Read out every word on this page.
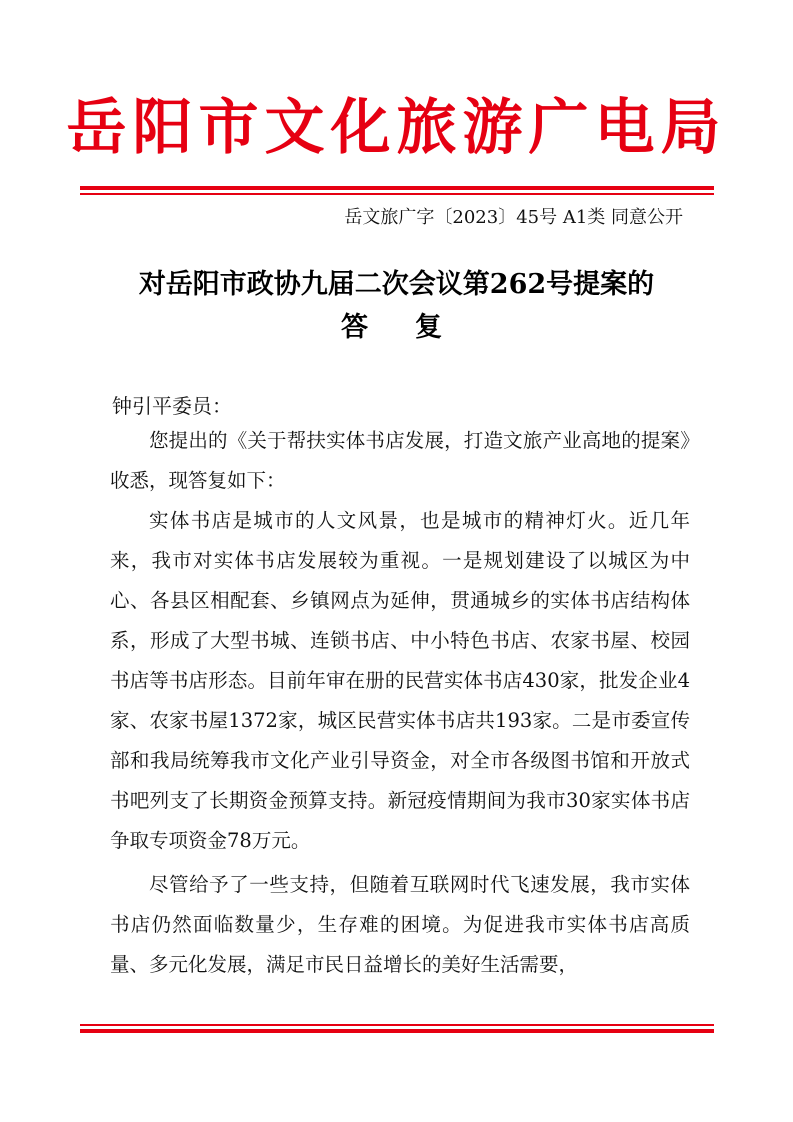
岳阳市文化旅游广电局
岳文旅广字〔2023〕45号 A1类 同意公开
对岳阳市政协九届二次会议第262号提案的
答　复
钟引平委员：

您提出的《关于帮扶实体书店发展，打造文旅产业高地的提案》收悉，现答复如下：

实体书店是城市的人文风景，也是城市的精神灯火。近几年来，我市对实体书店发展较为重视。一是规划建设了以城区为中心、各县区相配套、乡镇网点为延伸，贯通城乡的实体书店结构体系，形成了大型书城、连锁书店、中小特色书店、农家书屋、校园书店等书店形态。目前年审在册的民营实体书店430家，批发企业4家、农家书屋1372家，城区民营实体书店共193家。二是市委宣传部和我局统筹我市文化产业引导资金，对全市各级图书馆和开放式书吧列支了长期资金预算支持。新冠疫情期间为我市30家实体书店争取专项资金78万元。

尽管给予了一些支持，但随着互联网时代飞速发展，我市实体书店仍然面临数量少，生存难的困境。为促进我市实体书店高质量、多元化发展，满足市民日益增长的美好生活需要，
